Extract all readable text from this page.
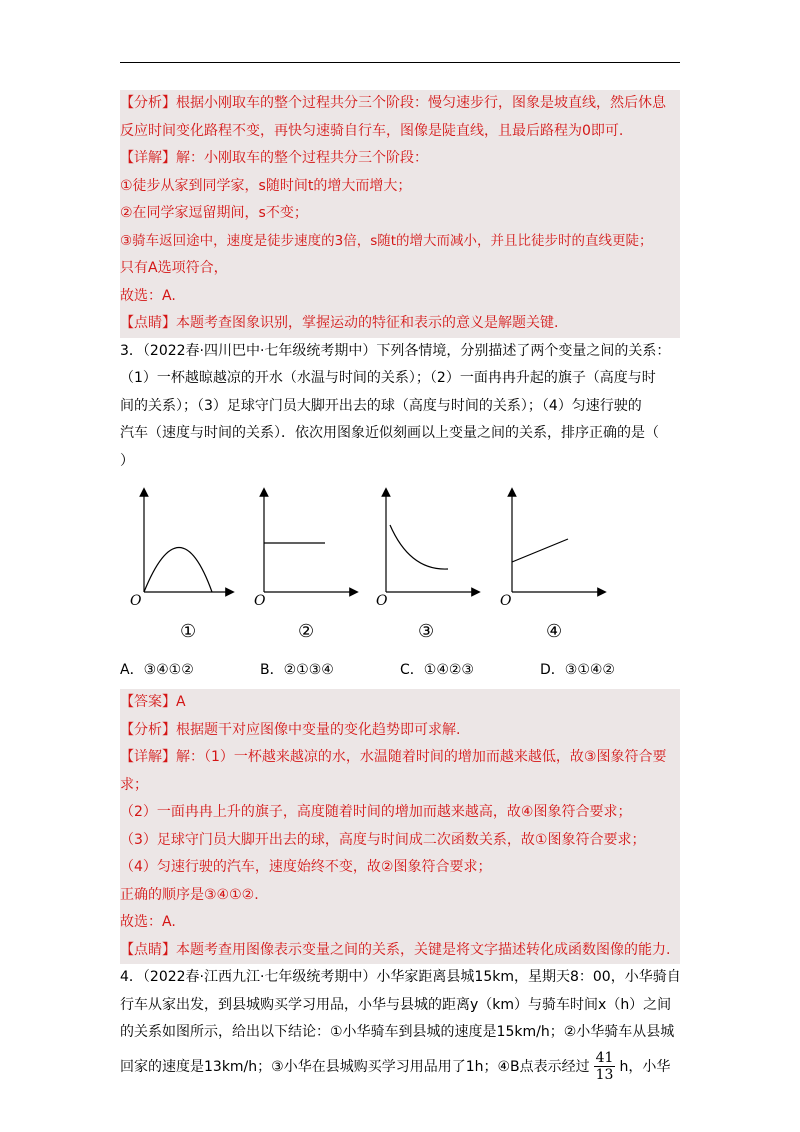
【分析】根据小刚取车的整个过程共分三个阶段：慢匀速步行，图象是坡直线，然后休息
反应时间变化路程不变，再快匀速骑自行车，图像是陡直线，且最后路程为0即可.
【详解】解：小刚取车的整个过程共分三个阶段：
①徒步从家到同学家，s随时间t的增大而增大；
②在同学家逗留期间，s不变；
③骑车返回途中，速度是徒步速度的3倍，s随t的增大而减小，并且比徒步时的直线更陡；
只有A选项符合，
故选：A.
【点睛】本题考查图象识别，掌握运动的特征和表示的意义是解题关键.
3．（2022春·四川巴中·七年级统考期中）下列各情境，分别描述了两个变量之间的关系：
（1）一杯越晾越凉的开水（水温与时间的关系）；（2）一面冉冉升起的旗子（高度与时
间的关系）；（3）足球守门员大脚开出去的球（高度与时间的关系）；（4）匀速行驶的
汽车（速度与时间的关系）．依次用图象近似刻画以上变量之间的关系，排序正确的是（
）
O
①
O
②
O
③
O
④
A．③④①②	B．②①③④	C．①④②③	D．③①④②
【答案】A
【分析】根据题干对应图像中变量的变化趋势即可求解.
【详解】解：（1）一杯越来越凉的水，水温随着时间的增加而越来越低，故③图象符合要
求；
（2）一面冉冉上升的旗子，高度随着时间的增加而越来越高，故④图象符合要求；
（3）足球守门员大脚开出去的球，高度与时间成二次函数关系，故①图象符合要求；
（4）匀速行驶的汽车，速度始终不变，故②图象符合要求；
正确的顺序是③④①②.
故选：A.
【点睛】本题考查用图像表示变量之间的关系，关键是将文字描述转化成函数图像的能力.
4．（2022春·江西九江·七年级统考期中）小华家距离县城15km，星期天8：00，小华骑自
行车从家出发，到县城购买学习用品，小华与县城的距离y（km）与骑车时间x（h）之间
的关系如图所示，给出以下结论：①小华骑车到县城的速度是15km/h；②小华骑车从县城
回家的速度是13km/h；③小华在县城购买学习用品用了1h；④B点表示经过 $\frac{41}{13}$ h，小华
